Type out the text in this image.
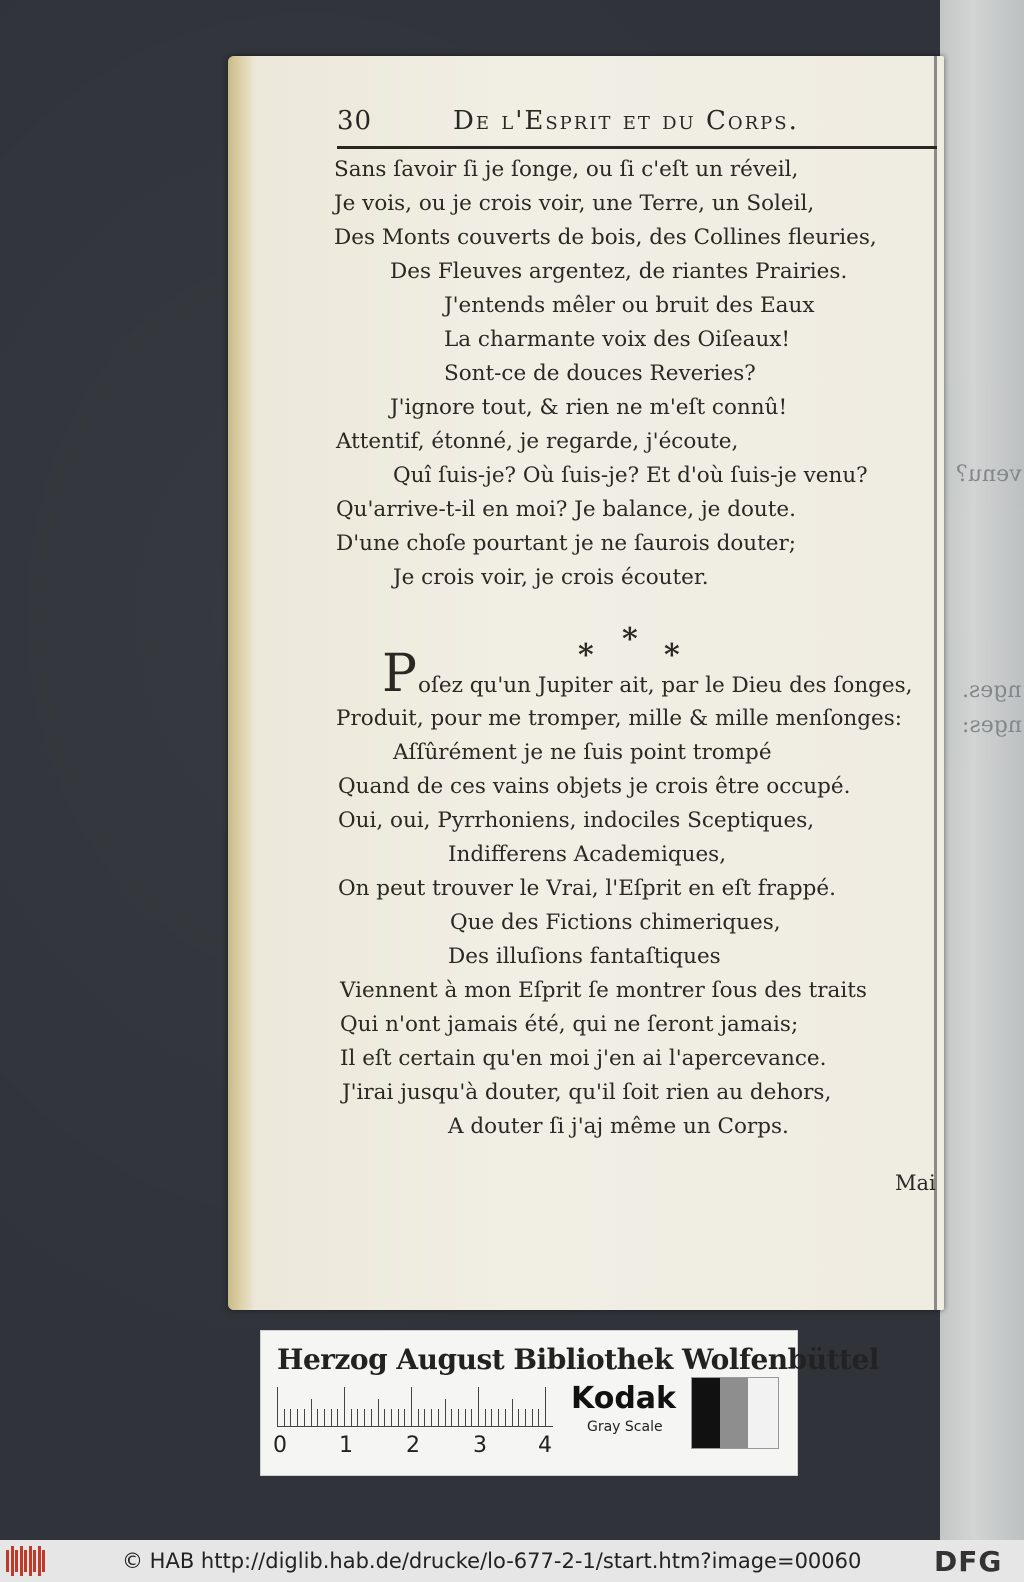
venu?
nges.
nges:
30	De l'Esprit et du Corps.
Sans ſavoir ſi je ſonge, ou ſi c'eſt un réveil,
Je vois, ou je crois voir, une Terre, un Soleil,
Des Monts couverts de bois, des Collines fleuries,
Des Fleuves argentez, de riantes Prairies.
J'entends mêler ou bruit des Eaux
La charmante voix des Oiſeaux!
Sont-ce de douces Reveries?
J'ignore tout, & rien ne m'eſt connû!
Attentif, étonné, je regarde, j'écoute,
Quî ſuis-je? Où ſuis-je? Et d'où ſuis-je venu?
Qu'arrive-t-il en moi? Je balance, je doute.
D'une choſe pourtant je ne ſaurois douter;
Je crois voir, je crois écouter.
oſez qu'un Jupiter ait, par le Dieu des ſonges,
Produit, pour me tromper, mille & mille menſonges:
Aſſûrément je ne ſuis point trompé
Quand de ces vains objets je crois être occupé.
Oui, oui, Pyrrhoniens, indociles Sceptiques,
Indifferens Academiques,
On peut trouver le Vrai, l'Eſprit en eſt frappé.
Que des Fictions chimeriques,
Des illuſions fantaſtiques
Viennent à mon Eſprit ſe montrer ſous des traits
Qui n'ont jamais été, qui ne ſeront jamais;
Il eſt certain qu'en moi j'en ai l'apercevance.
J'irai jusqu'à douter, qu'il ſoit rien au dehors,
A douter ſi j'aj même un Corps.
* * *
P
Mai
Herzog August Bibliothek Wolfenbüttel
0 1 2 3 4
Kodak
Gray Scale
© HAB http://diglib.hab.de/drucke/lo-677-2-1/start.htm?image=00060	DFG
